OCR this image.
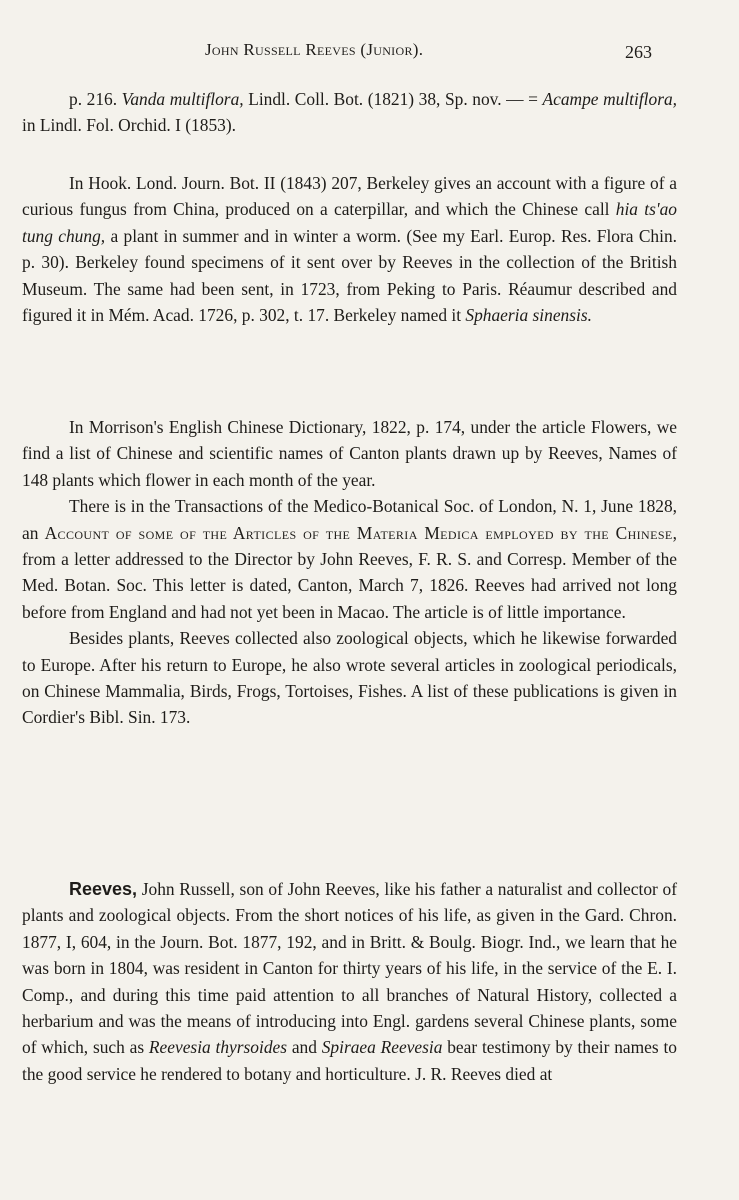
John Russell Reeves (Junior).	263

p. 216. Vanda multiflora, Lindl. Coll. Bot. (1821) 38, Sp. nov. — = Acampe multiflora, in Lindl. Fol. Orchid. I (1853).

In Hook. Lond. Journ. Bot. II (1843) 207, Berkeley gives an account with a figure of a curious fungus from China, produced on a caterpillar, and which the Chinese call hia ts'ao tung chung, a plant in summer and in winter a worm. (See my Earl. Europ. Res. Flora Chin. p. 30). Berkeley found specimens of it sent over by Reeves in the collection of the British Museum. The same had been sent, in 1723, from Peking to Paris. Réaumur described and figured it in Mém. Acad. 1726, p. 302, t. 17. Berkeley named it Sphaeria sinensis.

In Morrison's English Chinese Dictionary, 1822, p. 174, under the article Flowers, we find a list of Chinese and scientific names of Canton plants drawn up by Reeves, Names of 148 plants which flower in each month of the year.

There is in the Transactions of the Medico-Botanical Soc. of London, N. 1, June 1828, an Account of some of the Articles of the Materia Medica employed by the Chinese, from a letter addressed to the Director by John Reeves, F. R. S. and Corresp. Member of the Med. Botan. Soc. This letter is dated, Canton, March 7, 1826. Reeves had arrived not long before from England and had not yet been in Macao. The article is of little importance.

Besides plants, Reeves collected also zoological objects, which he likewise forwarded to Europe. After his return to Europe, he also wrote several articles in zoological periodicals, on Chinese Mammalia, Birds, Frogs, Tortoises, Fishes. A list of these publications is given in Cordier's Bibl. Sin. 173.

Reeves, John Russell, son of John Reeves, like his father a naturalist and collector of plants and zoological objects. From the short notices of his life, as given in the Gard. Chron. 1877, I, 604, in the Journ. Bot. 1877, 192, and in Britt. & Boulg. Biogr. Ind., we learn that he was born in 1804, was resident in Canton for thirty years of his life, in the service of the E. I. Comp., and during this time paid attention to all branches of Natural History, collected a herbarium and was the means of introducing into Engl. gardens several Chinese plants, some of which, such as Reevesia thyrsoides and Spiraea Reevesia bear testimony by their names to the good service he rendered to botany and horticulture. J. R. Reeves died at
